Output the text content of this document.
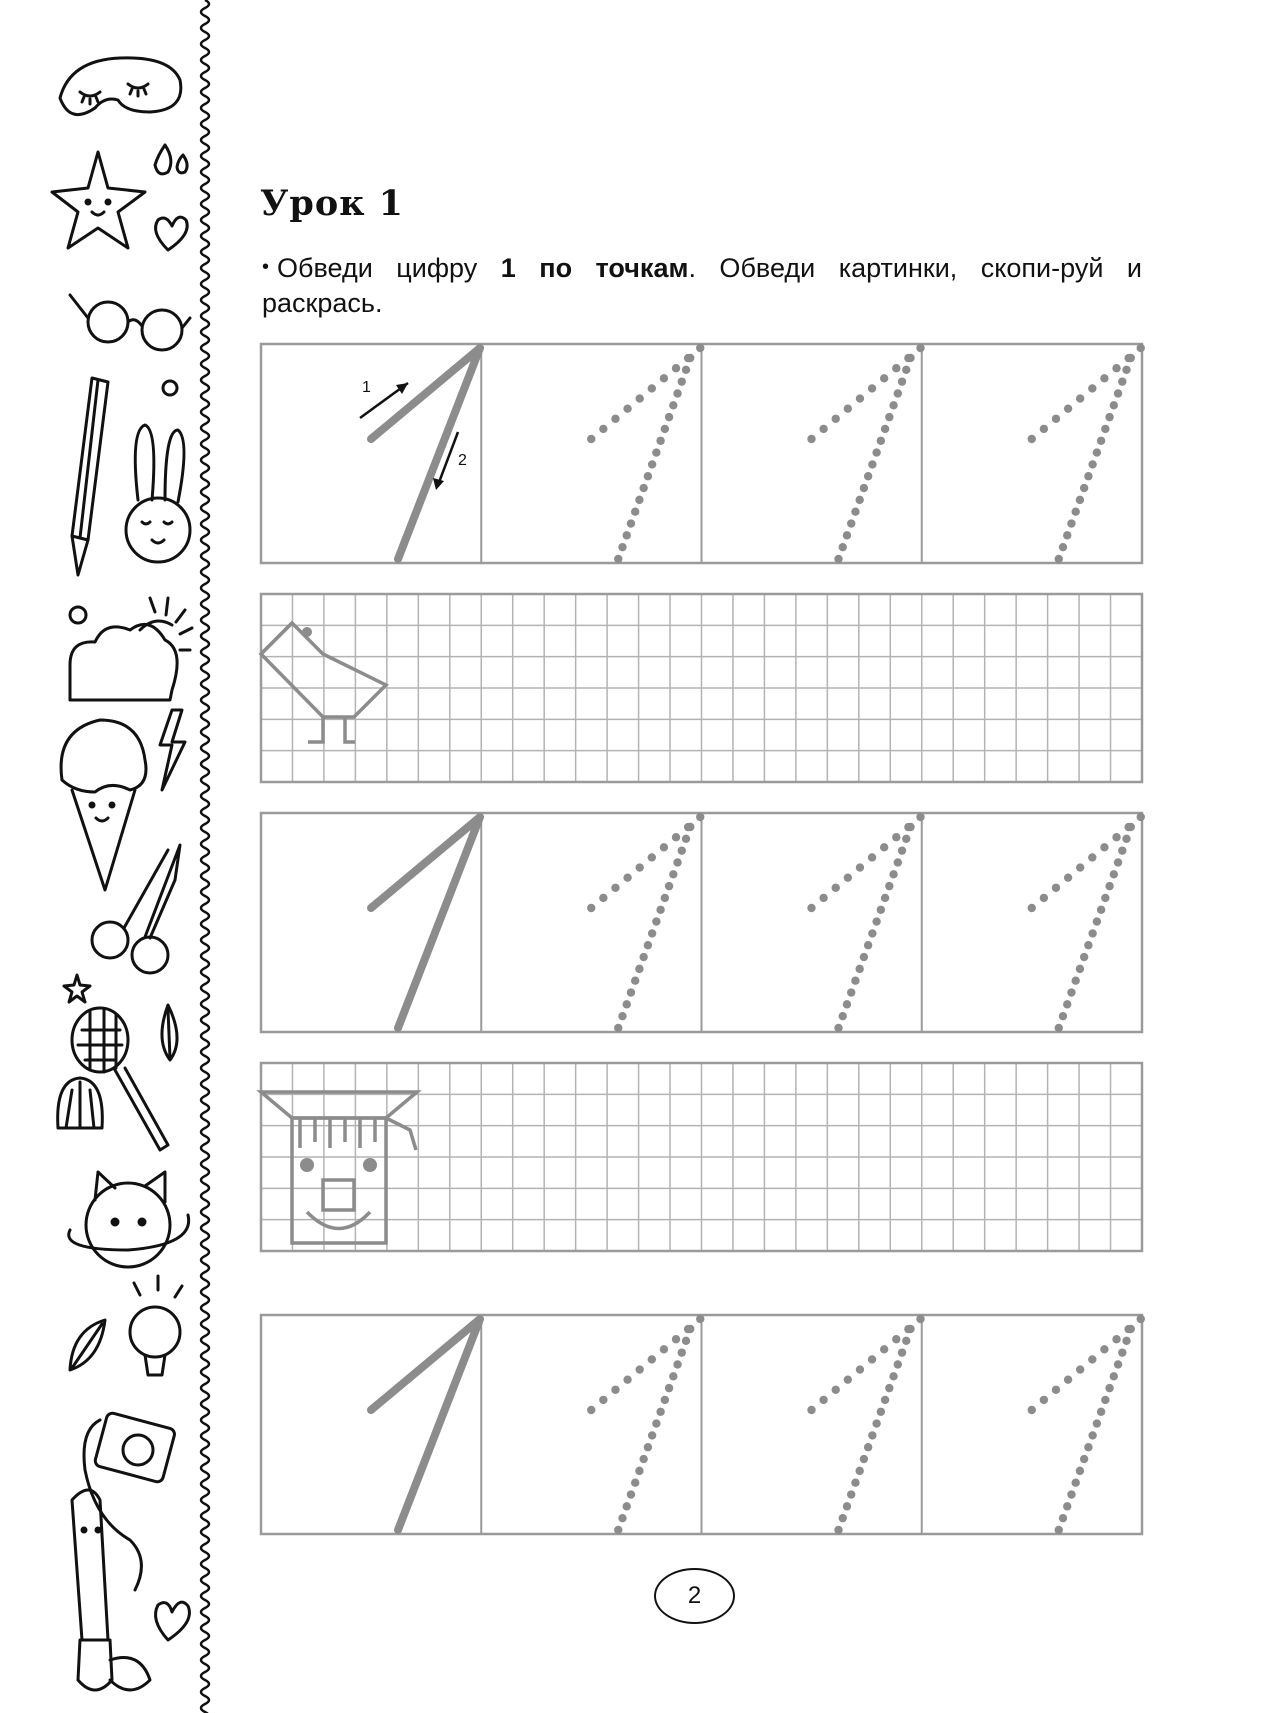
Урок 1

• Обведи цифру 1 по точкам. Обведи картинки, скопи-руй и раскрась.

1
2
2
